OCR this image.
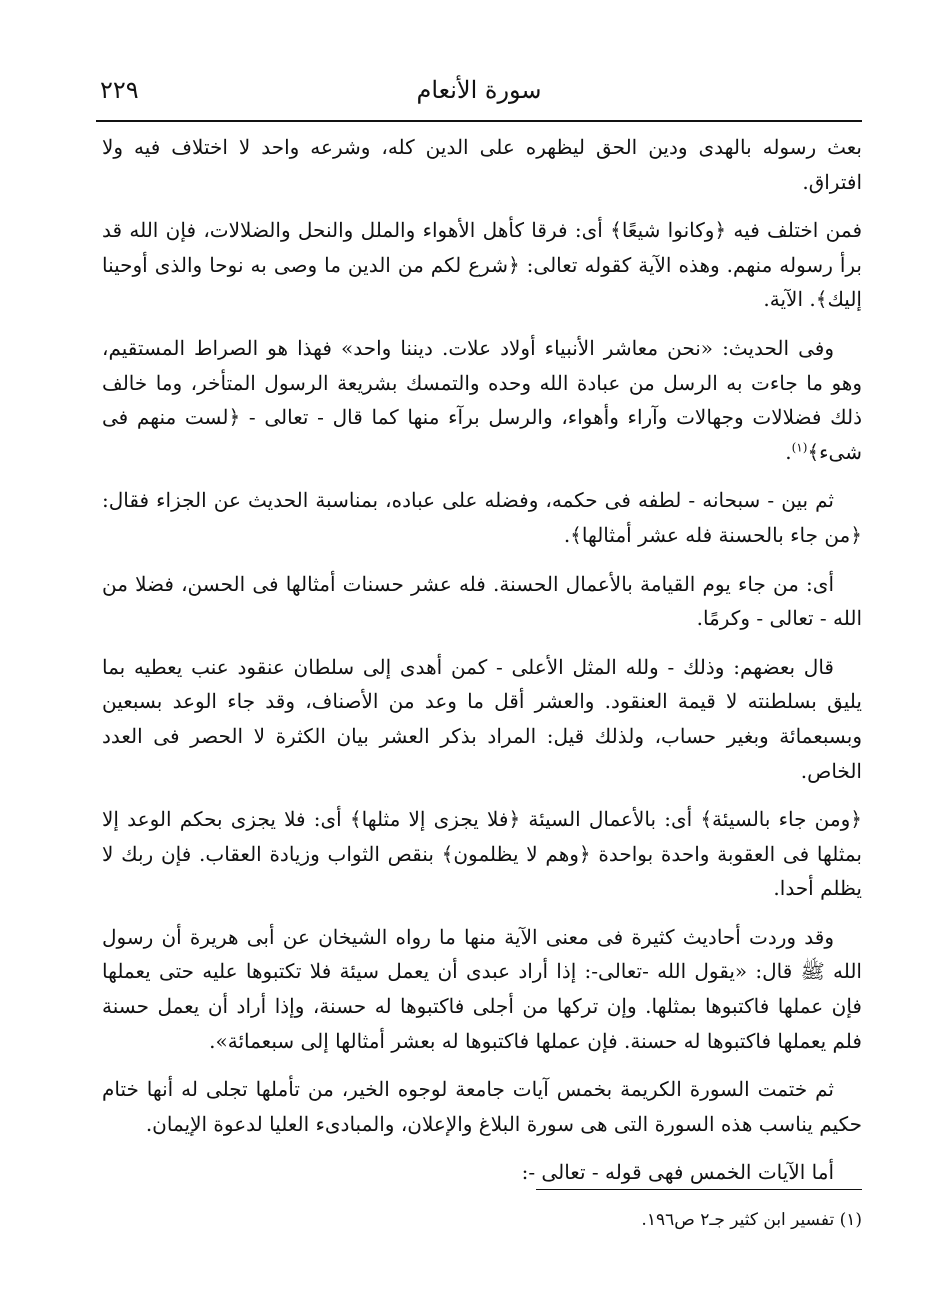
٢٢٩	سورة الأنعام

بعث رسوله بالهدى ودين الحق ليظهره على الدين كله، وشرعه واحد لا اختلاف فيه ولا افتراق.

فمن اختلف فيه ﴿وكانوا شيعًا﴾ أى: فرقا كأهل الأهواء والملل والنحل والضلالات، فإن الله قد برأ رسوله منهم. وهذه الآية كقوله تعالى: ﴿شرع لكم من الدين ما وصى به نوحا والذى أوحينا إليك﴾. الآية.

وفى الحديث: «نحن معاشر الأنبياء أولاد علات. ديننا واحد» فهذا هو الصراط المستقيم، وهو ما جاءت به الرسل من عبادة الله وحده والتمسك بشريعة الرسول المتأخر، وما خالف ذلك فضلالات وجهالات وآراء وأهواء، والرسل برآء منها كما قال - تعالى - ﴿لست منهم فى شىء﴾$^{(١)}$.

ثم بين - سبحانه - لطفه فى حكمه، وفضله على عباده، بمناسبة الحديث عن الجزاء فقال: ﴿من جاء بالحسنة فله عشر أمثالها﴾.

أى: من جاء يوم القيامة بالأعمال الحسنة. فله عشر حسنات أمثالها فى الحسن، فضلا من الله - تعالى - وكرمًا.

قال بعضهم: وذلك - ولله المثل الأعلى - كمن أهدى إلى سلطان عنقود عنب يعطيه بما يليق بسلطنته لا قيمة العنقود. والعشر أقل ما وعد من الأصناف، وقد جاء الوعد بسبعين وبسبعمائة وبغير حساب، ولذلك قيل: المراد بذكر العشر بيان الكثرة لا الحصر فى العدد الخاص.

﴿ومن جاء بالسيئة﴾ أى: بالأعمال السيئة ﴿فلا يجزى إلا مثلها﴾ أى: فلا يجزى بحكم الوعد إلا بمثلها فى العقوبة واحدة بواحدة ﴿وهم لا يظلمون﴾ بنقص الثواب وزيادة العقاب. فإن ربك لا يظلم أحدا.

وقد وردت أحاديث كثيرة فى معنى الآية منها ما رواه الشيخان عن أبى هريرة أن رسول الله ﷺ قال: «يقول الله -تعالى-: إذا أراد عبدى أن يعمل سيئة فلا تكتبوها عليه حتى يعملها فإن عملها فاكتبوها بمثلها. وإن تركها من أجلى فاكتبوها له حسنة، وإذا أراد أن يعمل حسنة فلم يعملها فاكتبوها له حسنة. فإن عملها فاكتبوها له بعشر أمثالها إلى سبعمائة».

ثم ختمت السورة الكريمة بخمس آيات جامعة لوجوه الخير، من تأملها تجلى له أنها ختام حكيم يناسب هذه السورة التى هى سورة البلاغ والإعلان، والمبادىء العليا لدعوة الإيمان.

أما الآيات الخمس فهى قوله - تعالى -:

(١) تفسير ابن كثير جـ٢ ص١٩٦.
